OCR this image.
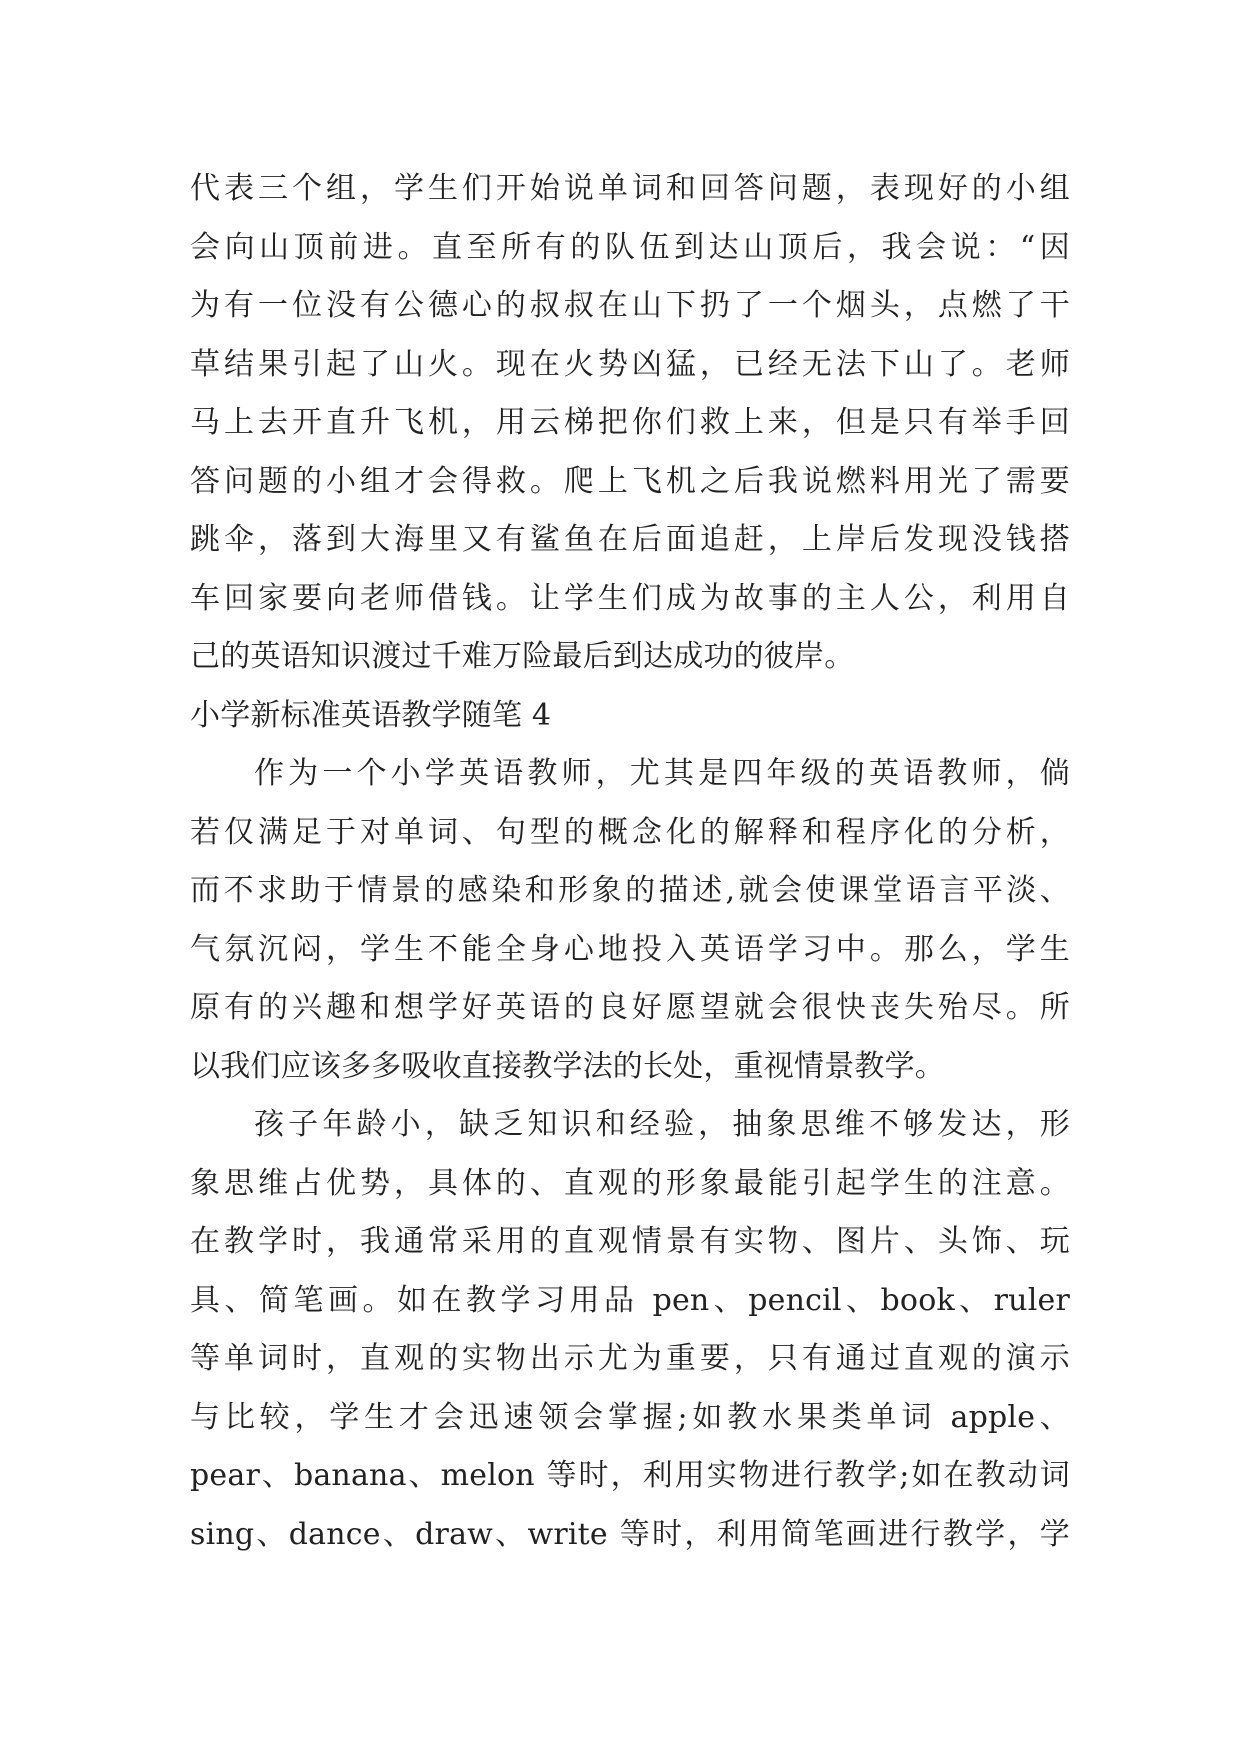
代表三个组，学生们开始说单词和回答问题，表现好的小组
会向山顶前进。直至所有的队伍到达山顶后，我会说：“因
为有一位没有公德心的叔叔在山下扔了一个烟头，点燃了干
草结果引起了山火。现在火势凶猛，已经无法下山了。老师
马上去开直升飞机，用云梯把你们救上来，但是只有举手回
答问题的小组才会得救。爬上飞机之后我说燃料用光了需要
跳伞，落到大海里又有鲨鱼在后面追赶，上岸后发现没钱搭
车回家要向老师借钱。让学生们成为故事的主人公，利用自
己的英语知识渡过千难万险最后到达成功的彼岸。
小学新标准英语教学随笔 4
作为一个小学英语教师，尤其是四年级的英语教师，倘
若仅满足于对单词、句型的概念化的解释和程序化的分析，
而不求助于情景的感染和形象的描述,就会使课堂语言平淡、
气氛沉闷，学生不能全身心地投入英语学习中。那么，学生
原有的兴趣和想学好英语的良好愿望就会很快丧失殆尽。所
以我们应该多多吸收直接教学法的长处，重视情景教学。
孩子年龄小，缺乏知识和经验，抽象思维不够发达，形
象思维占优势，具体的、直观的形象最能引起学生的注意。
在教学时，我通常采用的直观情景有实物、图片、头饰、玩
具、简笔画。如在教学习用品 pen、pencil、book、ruler
等单词时，直观的实物出示尤为重要，只有通过直观的演示
与比较，学生才会迅速领会掌握;如教水果类单词 apple、
pear、banana、melon 等时，利用实物进行教学;如在教动词
sing、dance、draw、write 等时，利用简笔画进行教学，学
